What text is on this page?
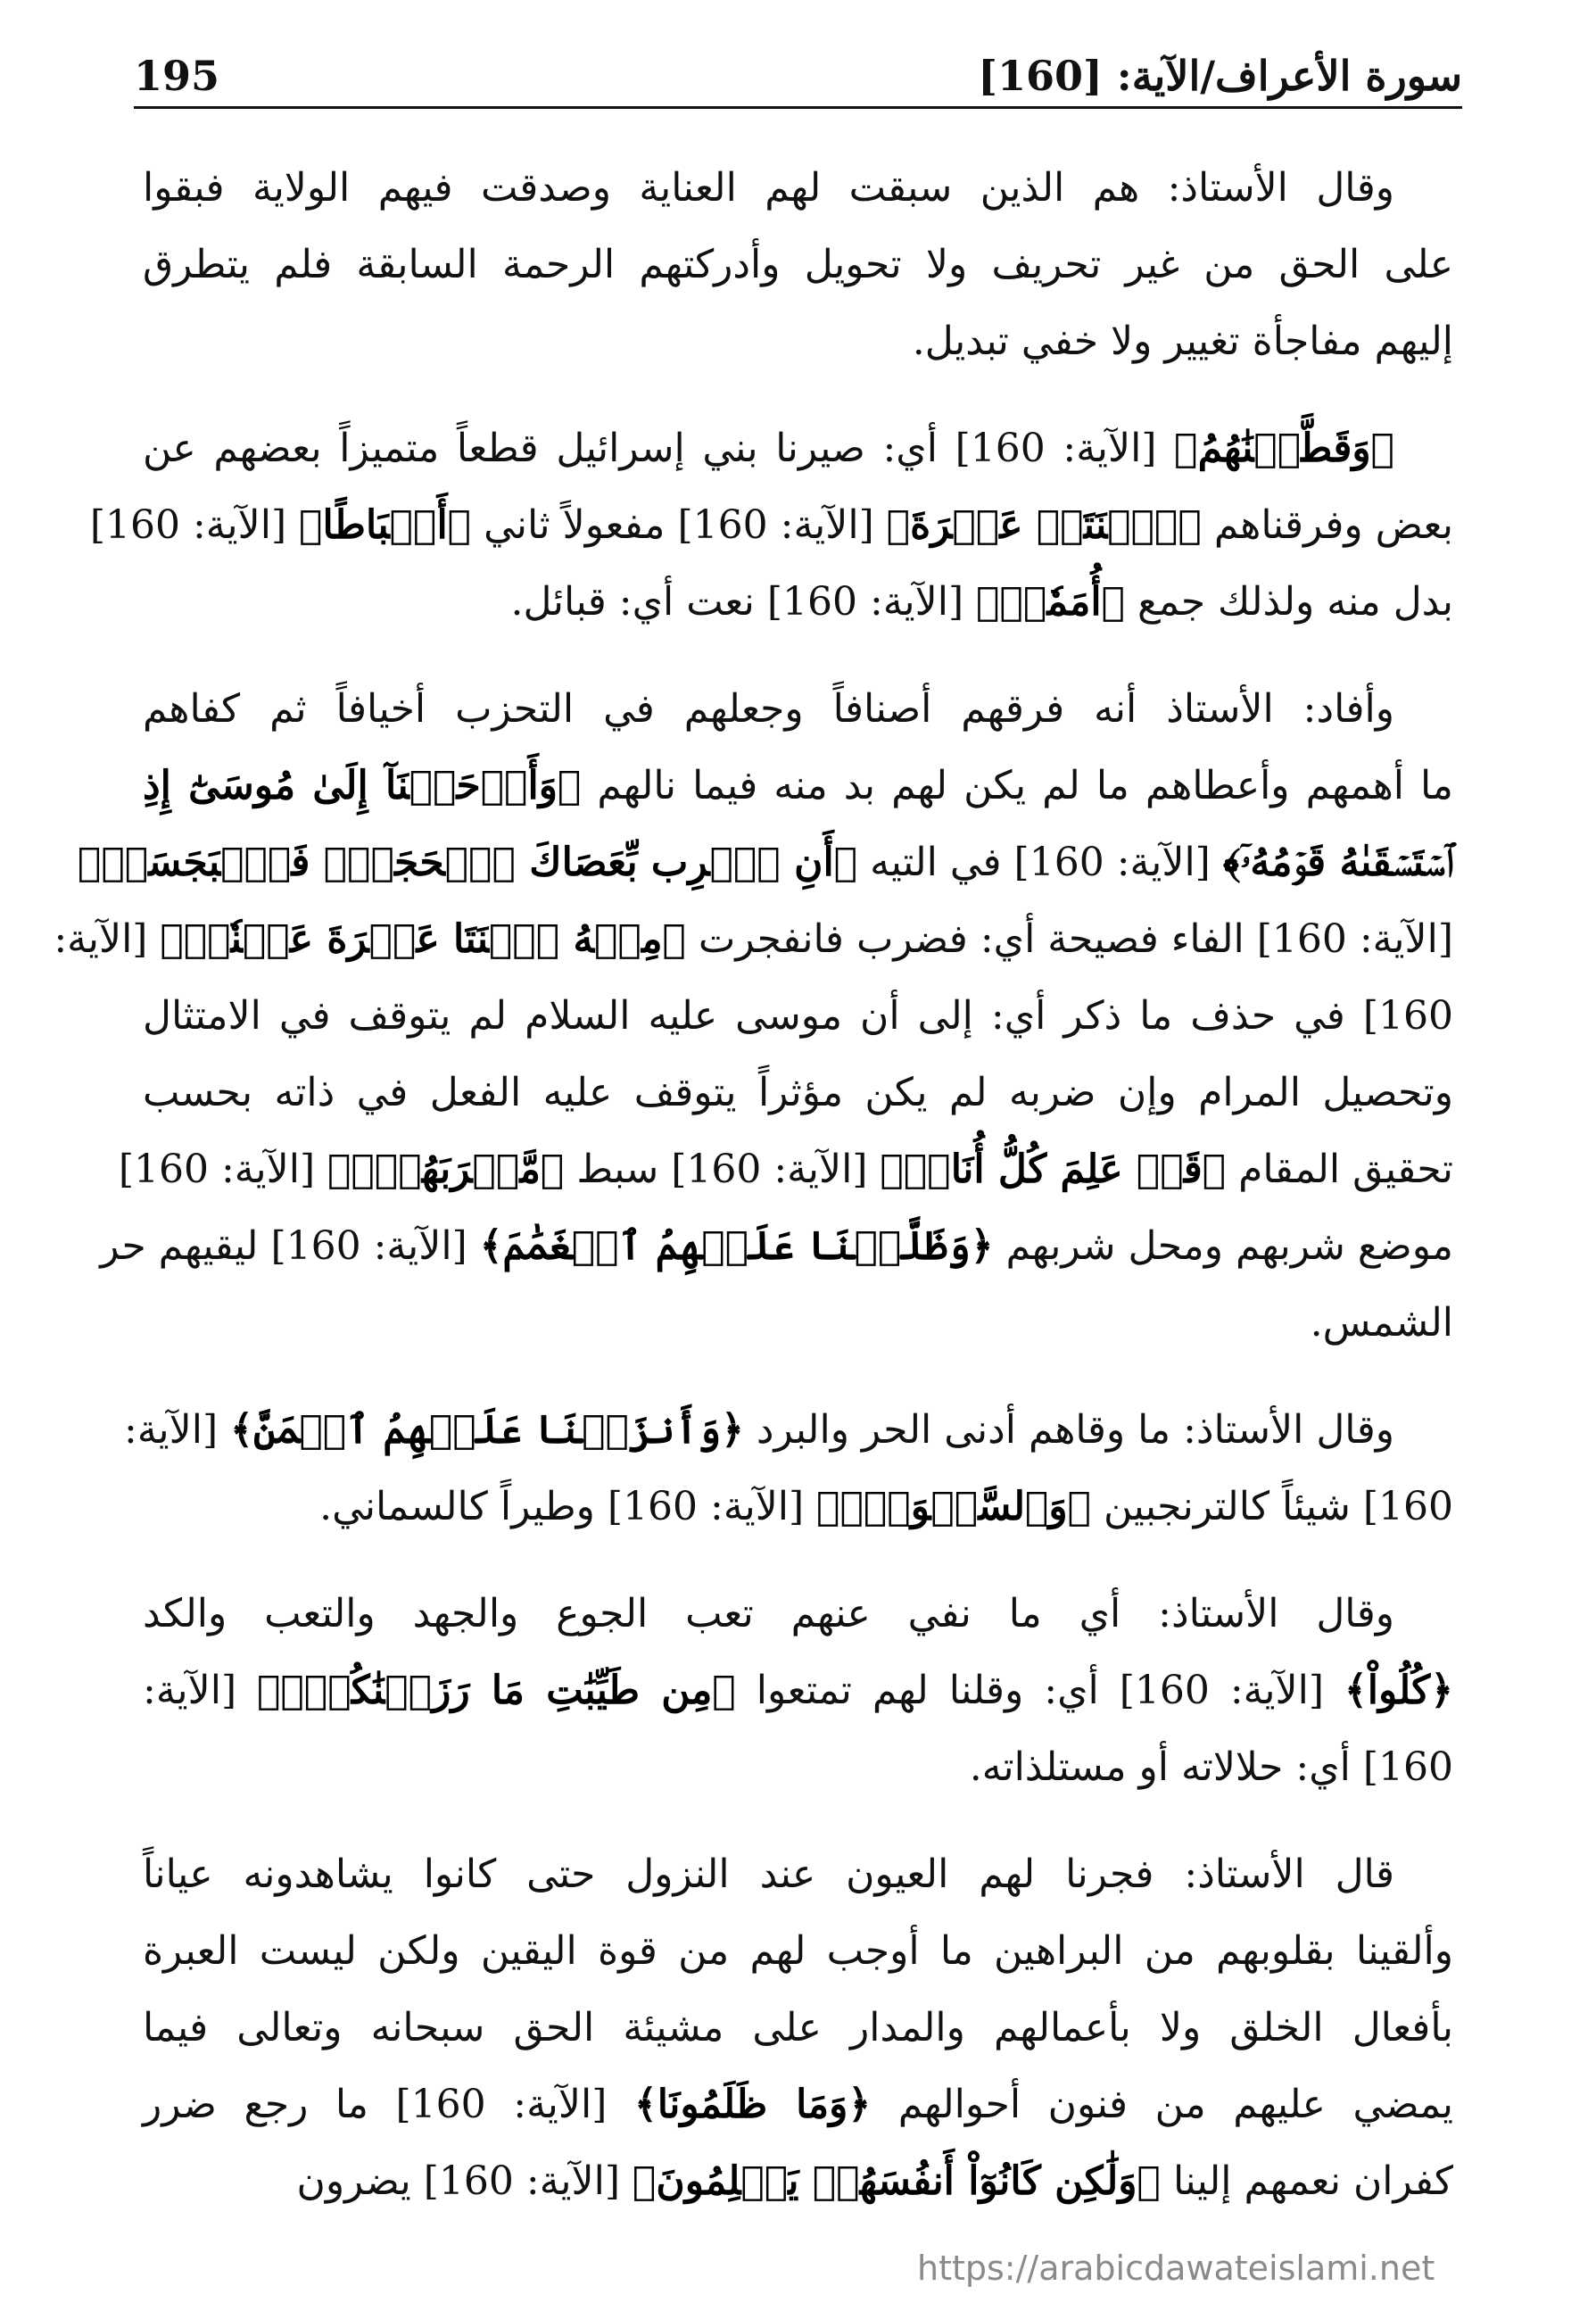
سورة الأعراف/الآية: [160]
195
وقال الأستاذ: هم الذين سبقت لهم العناية وصدقت فيهم الولاية فبقوا
على الحق من غير تحريف ولا تحويل وأدركتهم الرحمة السابقة فلم يتطرق
إليهم مفاجأة تغيير ولا خفي تبديل.
﴿وَقَطَّعۡنَٰهُمُ﴾ [الآية: 160] أي: صيرنا بني إسرائيل قطعاً متميزاً بعضهم عن
بعض وفرقناهم ﴿ٱثۡنَتَيۡ عَشۡرَةَ﴾ [الآية: 160] مفعولاً ثاني ﴿أَسۡبَاطًا﴾ [الآية: 160]
بدل منه ولذلك جمع ﴿أُمَمٗاۚ﴾ [الآية: 160] نعت أي: قبائل.
وأفاد: الأستاذ أنه فرقهم أصنافاً وجعلهم في التحزب أخيافاً ثم كفاهم
ما أهمهم وأعطاهم ما لم يكن لهم بد منه فيما نالهم ﴿وَأَوۡحَيۡنَآ إِلَىٰ مُوسَىٰٓ إِذِ
ٱسۡتَسۡقَىٰهُ قَوۡمُهُۥٓ﴾ [الآية: 160] في التيه ﴿أَنِ ٱضۡرِب بِّعَصَاكَ ٱلۡحَجَرَۖ فَٱنۢبَجَسَتۡ﴾
[الآية: 160] الفاء فصيحة أي: فضرب فانفجرت ﴿مِنۡهُ ٱثۡنَتَا عَشۡرَةَ عَيۡنٗاۖ﴾ [الآية:
160] في حذف ما ذكر أي: إلى أن موسى عليه السلام لم يتوقف في الامتثال
وتحصيل المرام وإن ضربه لم يكن مؤثراً يتوقف عليه الفعل في ذاته بحسب
تحقيق المقام ﴿قَدۡ عَلِمَ كُلُّ أُنَاسٖ﴾ [الآية: 160] سبط ﴿مَّشۡرَبَهُمۡۚ﴾ [الآية: 160]
موضع شربهم ومحل شربهم ﴿وَظَلَّلۡنَا عَلَيۡهِمُ ٱلۡغَمَٰمَ﴾ [الآية: 160] ليقيهم حر
الشمس.
وقال الأستاذ: ما وقاهم أدنى الحر والبرد ﴿وَأَنزَلۡنَا عَلَيۡهِمُ ٱلۡمَنَّ﴾ [الآية:
160] شيئاً كالترنجبين ﴿وَٱلسَّلۡوَىٰۖ﴾ [الآية: 160] وطيراً كالسماني.
وقال الأستاذ: أي ما نفي عنهم تعب الجوع والجهد والتعب والكد
﴿كُلُواْ﴾ [الآية: 160] أي: وقلنا لهم تمتعوا ﴿مِن طَيِّبَٰتِ مَا رَزَقۡنَٰكُمۡۚ﴾ [الآية:
160] أي: حلالاته أو مستلذاته.
قال الأستاذ: فجرنا لهم العيون عند النزول حتى كانوا يشاهدونه عياناً
وألقينا بقلوبهم من البراهين ما أوجب لهم من قوة اليقين ولكن ليست العبرة
بأفعال الخلق ولا بأعمالهم والمدار على مشيئة الحق سبحانه وتعالى فيما
يمضي عليهم من فنون أحوالهم ﴿وَمَا ظَلَمُونَا﴾ [الآية: 160] ما رجع ضرر
كفران نعمهم إلينا ﴿وَلَٰكِن كَانُوٓاْ أَنفُسَهُمۡ يَظۡلِمُونَ﴾ [الآية: 160] يضرون
https://arabicdawateislami.net
